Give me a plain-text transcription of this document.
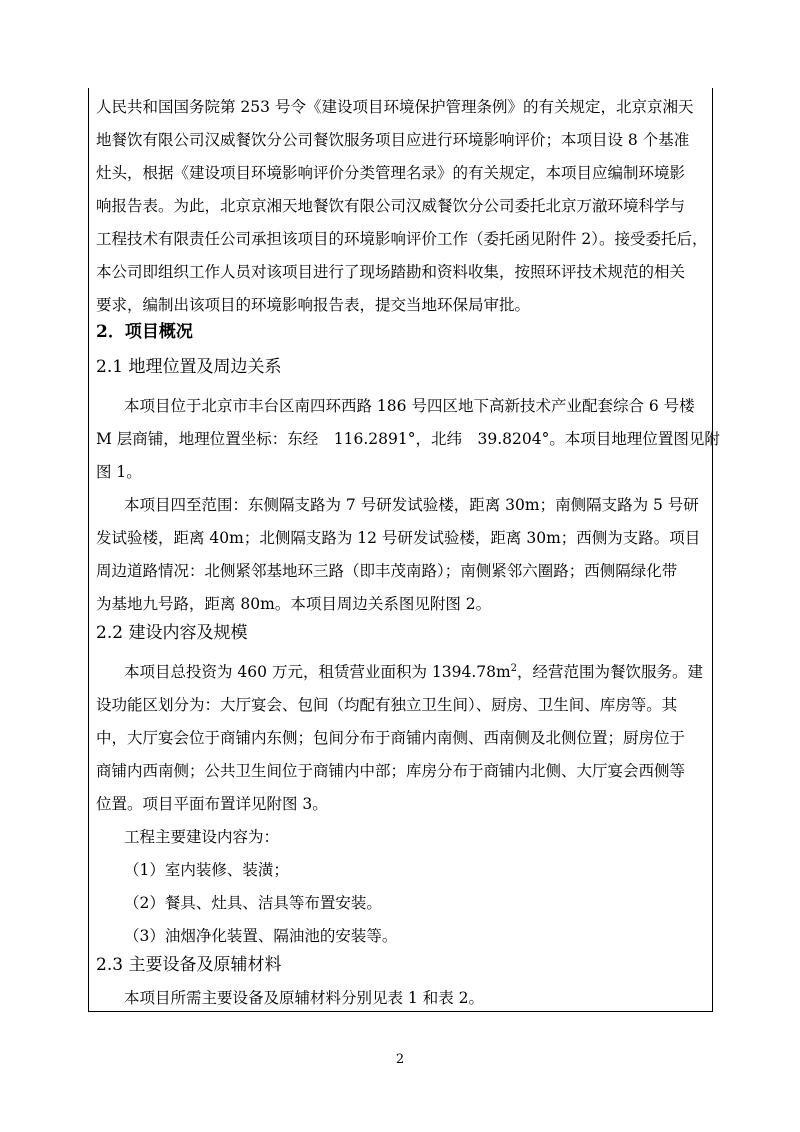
人民共和国国务院第 253 号令《建设项目环境保护管理条例》的有关规定，北京京湘天
地餐饮有限公司汉威餐饮分公司餐饮服务项目应进行环境影响评价；本项目设 8 个基准
灶头，根据《建设项目环境影响评价分类管理名录》的有关规定，本项目应编制环境影
响报告表。为此，北京京湘天地餐饮有限公司汉威餐饮分公司委托北京万澈环境科学与
工程技术有限责任公司承担该项目的环境影响评价工作（委托函见附件 2）。接受委托后，
本公司即组织工作人员对该项目进行了现场踏勘和资料收集，按照环评技术规范的相关
要求，编制出该项目的环境影响报告表，提交当地环保局审批。
2．项目概况
2.1 地理位置及周边关系
本项目位于北京市丰台区南四环西路 186 号四区地下高新技术产业配套综合 6 号楼
M 层商铺，地理位置坐标：东经　116.2891°，北纬　39.8204°。本项目地理位置图见附
图 1。
本项目四至范围：东侧隔支路为 7 号研发试验楼，距离 30m；南侧隔支路为 5 号研
发试验楼，距离 40m；北侧隔支路为 12 号研发试验楼，距离 30m；西侧为支路。项目
周边道路情况：北侧紧邻基地环三路（即丰茂南路）；南侧紧邻六圈路；西侧隔绿化带
为基地九号路，距离 80m。本项目周边关系图见附图 2。
2.2 建设内容及规模
本项目总投资为 460 万元，租赁营业面积为 $1394.78m^2$，经营范围为餐饮服务。建
设功能区划分为：大厅宴会、包间（均配有独立卫生间）、厨房、卫生间、库房等。其
中，大厅宴会位于商铺内东侧；包间分布于商铺内南侧、西南侧及北侧位置；厨房位于
商铺内西南侧；公共卫生间位于商铺内中部；库房分布于商铺内北侧、大厅宴会西侧等
位置。项目平面布置详见附图 3。
工程主要建设内容为：
（1）室内装修、装潢；
（2）餐具、灶具、洁具等布置安装。
（3）油烟净化装置、隔油池的安装等。
2.3 主要设备及原辅材料
本项目所需主要设备及原辅材料分别见表 1 和表 2。
2
